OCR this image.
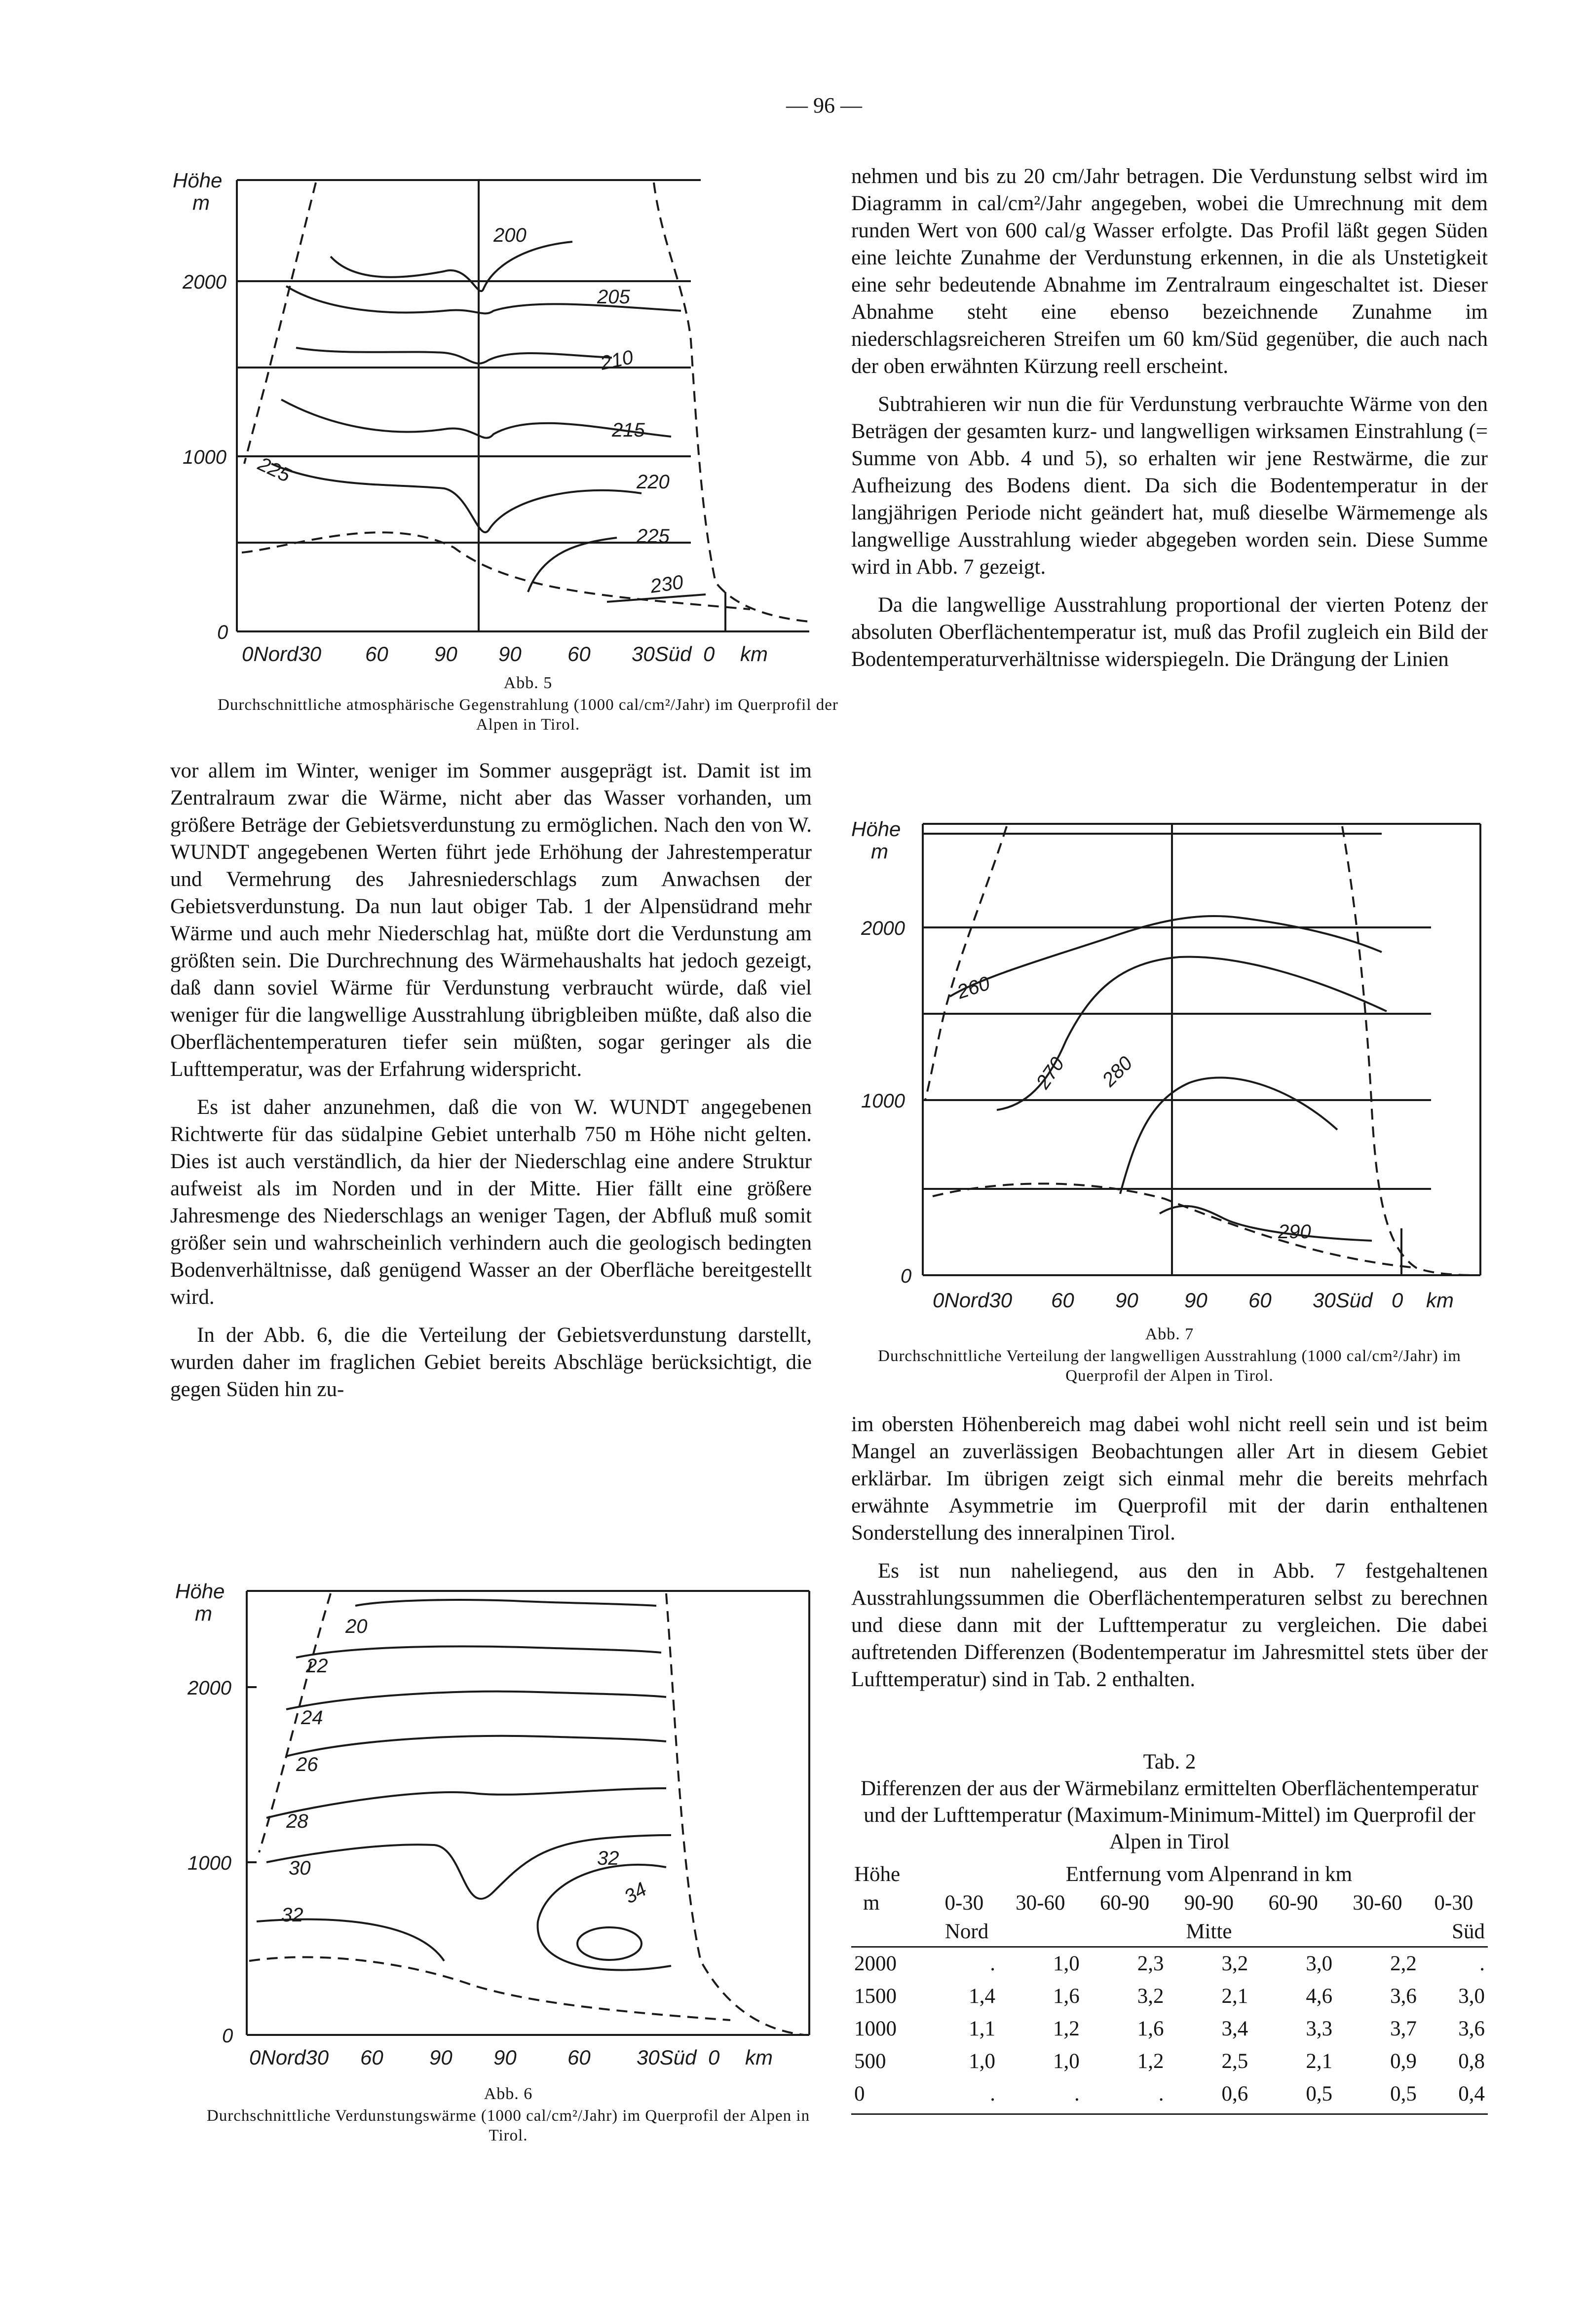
— 96 —
Höhe
m
2000
1000
0
0Nord30 60 90 90 60 30Süd 0 km
200
205
210
215
220
225
230
225
Abb. 5
Durchschnittliche atmosphärische Gegenstrahlung (1000 cal/cm²/Jahr) im Querprofil der Alpen in Tirol.

vor allem im Winter, weniger im Sommer ausgeprägt ist. Damit ist im Zentralraum zwar die Wärme, nicht aber das Wasser vorhanden, um größere Beträge der Gebietsverdunstung zu ermöglichen. Nach den von W. WUNDT angegebenen Werten führt jede Erhöhung der Jahrestemperatur und Vermehrung des Jahresniederschlags zum Anwachsen der Gebietsverdunstung. Da nun laut obiger Tab. 1 der Alpensüdrand mehr Wärme und auch mehr Niederschlag hat, müßte dort die Verdunstung am größten sein. Die Durchrechnung des Wärmehaushalts hat jedoch gezeigt, daß dann soviel Wärme für Verdunstung verbraucht würde, daß viel weniger für die langwellige Ausstrahlung übrigbleiben müßte, daß also die Oberflächentemperaturen tiefer sein müßten, sogar geringer als die Lufttemperatur, was der Erfahrung widerspricht.

Es ist daher anzunehmen, daß die von W. WUNDT angegebenen Richtwerte für das südalpine Gebiet unterhalb 750 m Höhe nicht gelten. Dies ist auch verständlich, da hier der Niederschlag eine andere Struktur aufweist als im Norden und in der Mitte. Hier fällt eine größere Jahresmenge des Niederschlags an weniger Tagen, der Abfluß muß somit größer sein und wahrscheinlich verhindern auch die geologisch bedingten Bodenverhältnisse, daß genügend Wasser an der Oberfläche bereitgestellt wird.

In der Abb. 6, die die Verteilung der Gebietsverdunstung darstellt, wurden daher im fraglichen Gebiet bereits Abschläge berücksichtigt, die gegen Süden hin zu-

Höhe
m
2000
1000
0
0Nord30 60 90 90 60 30Süd 0 km
20
22
24
26
28
30
32
32
34
Abb. 6
Durchschnittliche Verdunstungswärme (1000 cal/cm²/Jahr) im Querprofil der Alpen in Tirol.

nehmen und bis zu 20 cm/Jahr betragen. Die Verdunstung selbst wird im Diagramm in cal/cm²/Jahr angegeben, wobei die Umrechnung mit dem runden Wert von 600 cal/g Wasser erfolgte. Das Profil läßt gegen Süden eine leichte Zunahme der Verdunstung erkennen, in die als Unstetigkeit eine sehr bedeutende Abnahme im Zentralraum eingeschaltet ist. Dieser Abnahme steht eine ebenso bezeichnende Zunahme im niederschlagsreicheren Streifen um 60 km/Süd gegenüber, die auch nach der oben erwähnten Kürzung reell erscheint.

Subtrahieren wir nun die für Verdunstung verbrauchte Wärme von den Beträgen der gesamten kurz- und langwelligen wirksamen Einstrahlung (= Summe von Abb. 4 und 5), so erhalten wir jene Restwärme, die zur Aufheizung des Bodens dient. Da sich die Bodentemperatur in der langjährigen Periode nicht geändert hat, muß dieselbe Wärmemenge als langwellige Ausstrahlung wieder abgegeben worden sein. Diese Summe wird in Abb. 7 gezeigt.

Da die langwellige Ausstrahlung proportional der vierten Potenz der absoluten Oberflächentemperatur ist, muß das Profil zugleich ein Bild der Bodentemperaturverhältnisse widerspiegeln. Die Drängung der Linien

Höhe
m
2000
1000
0
0Nord30 60 90 90 60 30Süd 0 km
260
270 280
290
Abb. 7
Durchschnittliche Verteilung der langwelligen Ausstrahlung (1000 cal/cm²/Jahr) im Querprofil der Alpen in Tirol.

im obersten Höhenbereich mag dabei wohl nicht reell sein und ist beim Mangel an zuverlässigen Beobachtungen aller Art in diesem Gebiet erklärbar. Im übrigen zeigt sich einmal mehr die bereits mehrfach erwähnte Asymmetrie im Querprofil mit der darin enthaltenen Sonderstellung des inneralpinen Tirol.

Es ist nun naheliegend, aus den in Abb. 7 festgehaltenen Ausstrahlungssummen die Oberflächentemperaturen selbst zu berechnen und diese dann mit der Lufttemperatur zu vergleichen. Die dabei auftretenden Differenzen (Bodentemperatur im Jahresmittel stets über der Lufttemperatur) sind in Tab. 2 enthalten.

Tab. 2
Differenzen der aus der Wärmebilanz ermittelten Oberflächentemperatur und der Lufttemperatur (Maximum-Minimum-Mittel) im Querprofil der Alpen in Tirol
Höhe	Entfernung vom Alpenrand in km						
m	0-30	30-60	60-90	90-90	60-90	30-60	0-30
	Nord		Mitte			Süd	
2000	.	1,0	2,3	3,2	3,0	2,2	.
1500	1,4	1,6	3,2	2,1	4,6	3,6	3,0
1000	1,1	1,2	1,6	3,4	3,3	3,7	3,6
500	1,0	1,0	1,2	2,5	2,1	0,9	0,8
0	.	.	.	0,6	0,5	0,5	0,4
